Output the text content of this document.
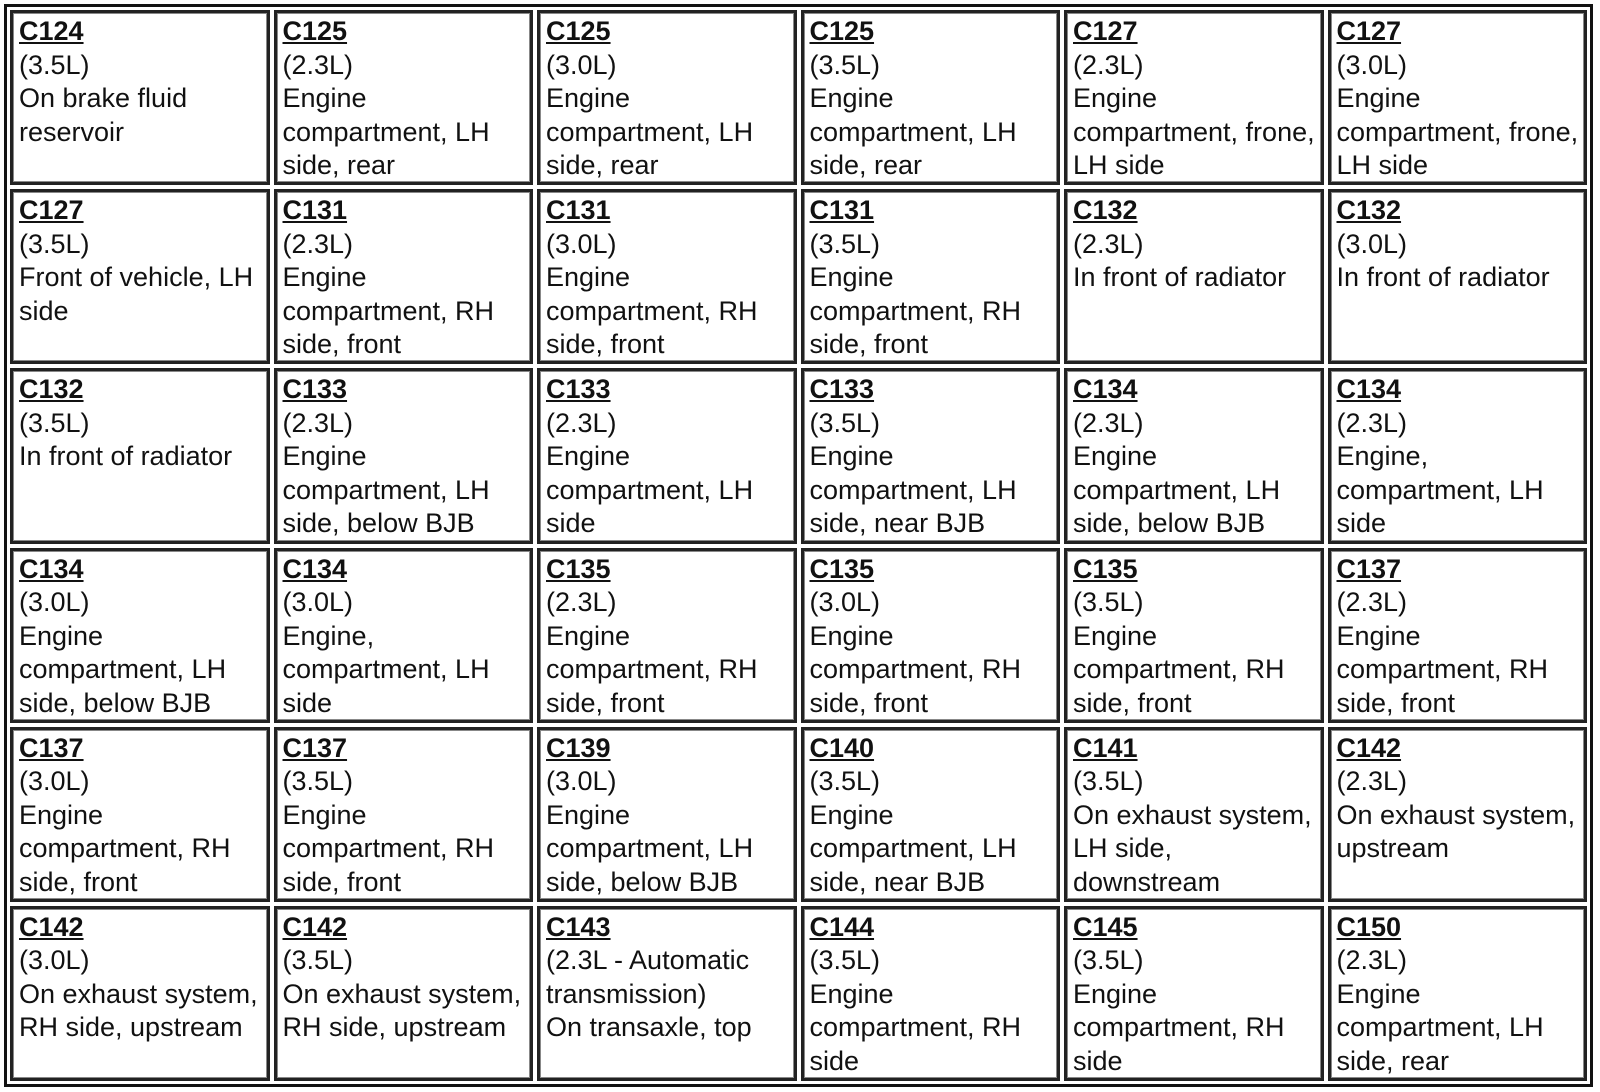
C124
(3.5L)
On brake fluid reservoir
C125
(2.3L)
Engine compartment, LH side, rear
C125
(3.0L)
Engine compartment, LH side, rear
C125
(3.5L)
Engine compartment, LH side, rear
C127
(2.3L)
Engine compartment, frone, LH side
C127
(3.0L)
Engine compartment, frone, LH side
C127
(3.5L)
Front of vehicle, LH side
C131
(2.3L)
Engine compartment, RH side, front
C131
(3.0L)
Engine compartment, RH side, front
C131
(3.5L)
Engine compartment, RH side, front
C132
(2.3L)
In front of radiator
C132
(3.0L)
In front of radiator
C132
(3.5L)
In front of radiator
C133
(2.3L)
Engine compartment, LH side, below BJB
C133
(2.3L)
Engine compartment, LH side
C133
(3.5L)
Engine compartment, LH side, near BJB
C134
(2.3L)
Engine compartment, LH side, below BJB
C134
(2.3L)
Engine, compartment, LH side
C134
(3.0L)
Engine compartment, LH side, below BJB
C134
(3.0L)
Engine, compartment, LH side
C135
(2.3L)
Engine compartment, RH side, front
C135
(3.0L)
Engine compartment, RH side, front
C135
(3.5L)
Engine compartment, RH side, front
C137
(2.3L)
Engine compartment, RH side, front
C137
(3.0L)
Engine compartment, RH side, front
C137
(3.5L)
Engine compartment, RH side, front
C139
(3.0L)
Engine compartment, LH side, below BJB
C140
(3.5L)
Engine compartment, LH side, near BJB
C141
(3.5L)
On exhaust system, LH side, downstream
C142
(2.3L)
On exhaust system, upstream
C142
(3.0L)
On exhaust system, RH side, upstream
C142
(3.5L)
On exhaust system, RH side, upstream
C143
(2.3L - Automatic transmission)
On transaxle, top
C144
(3.5L)
Engine compartment, RH side
C145
(3.5L)
Engine compartment, RH side
C150
(2.3L)
Engine compartment, LH side, rear
